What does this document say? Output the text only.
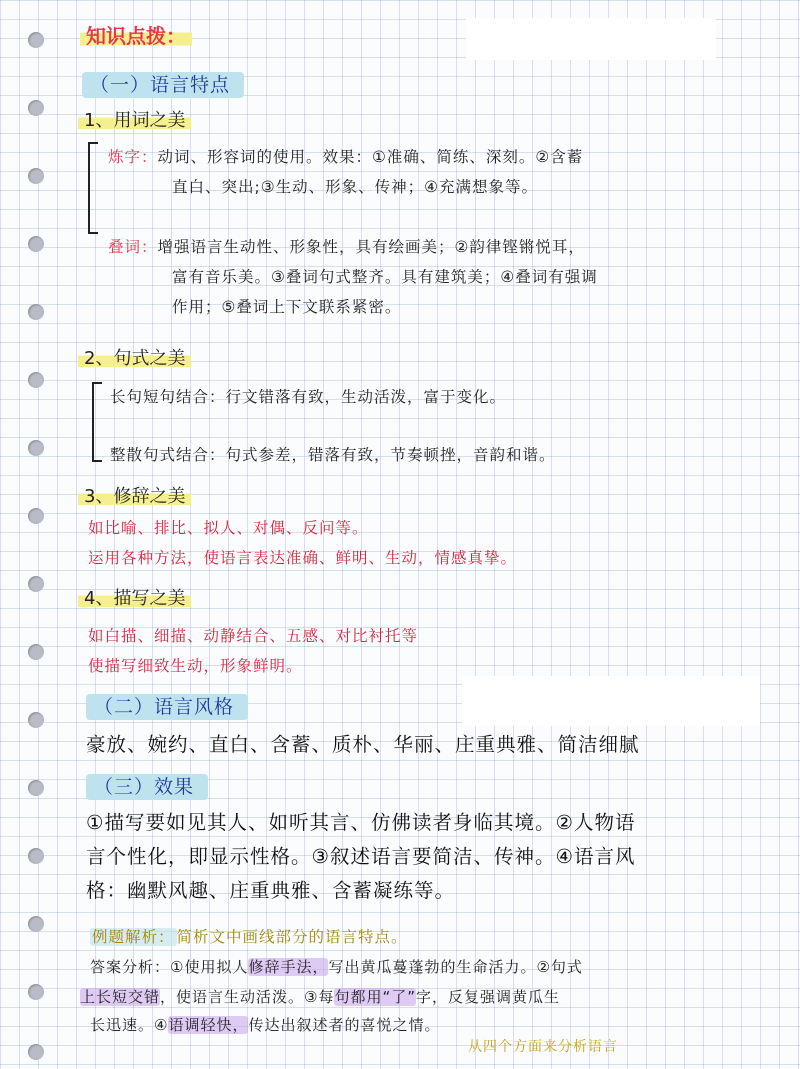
知识点拨：
（一）语言特点
1、用词之美
炼字：动词、形容词的使用。效果：①准确、简练、深刻。②含蓄
直白、突出;③生动、形象、传神；④充满想象等。
叠词：增强语言生动性、形象性，具有绘画美；②韵律铿锵悦耳，
富有音乐美。③叠词句式整齐。具有建筑美；④叠词有强调
作用；⑤叠词上下文联系紧密。
2、句式之美
长句短句结合：行文错落有致，生动活泼，富于变化。
整散句式结合：句式参差，错落有致，节奏顿挫，音韵和谐。
3、修辞之美
如比喻、排比、拟人、对偶、反问等。
运用各种方法，使语言表达准确、鲜明、生动，情感真挚。
4、描写之美
如白描、细描、动静结合、五感、对比衬托等
使描写细致生动，形象鲜明。
（二）语言风格
豪放、婉约、直白、含蓄、质朴、华丽、庄重典雅、简洁细腻
（三）效果
①描写要如见其人、如听其言、仿佛读者身临其境。②人物语
言个性化，即显示性格。③叙述语言要简洁、传神。④语言风
格：幽默风趣、庄重典雅、含蓄凝练等。
例题解析： 简析文中画线部分的语言特点。
答案分析：①使用拟人修辞手法，写出黄瓜蔓蓬勃的生命活力。②句式
上长短交错，使语言生动活泼。③每句都用“了”字，反复强调黄瓜生
长迅速。④语调轻快，传达出叙述者的喜悦之情。
从四个方面来分析语言
